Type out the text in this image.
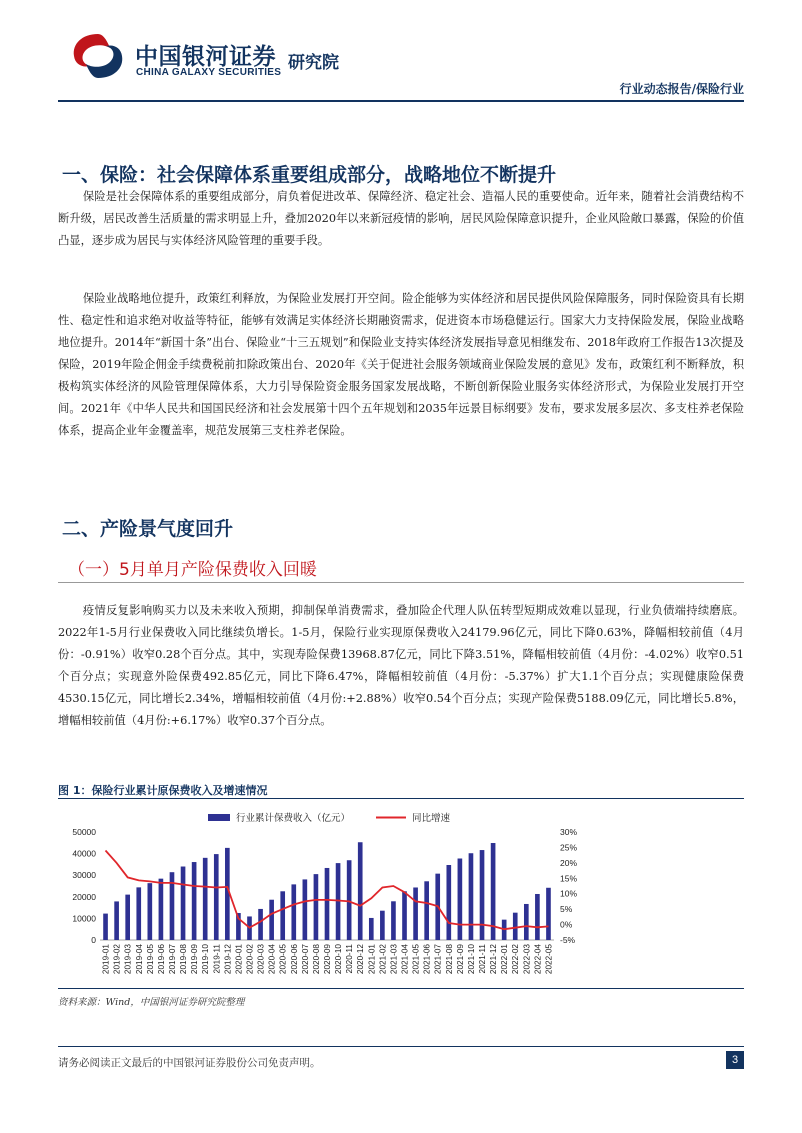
中国银河证券
CHINA GALAXY SECURITIES 研究院
行业动态报告/保险行业
一、保险：社会保障体系重要组成部分，战略地位不断提升
保险是社会保障体系的重要组成部分，肩负着促进改革、保障经济、稳定社会、造福人民的重要使命。近年来，随着社会消费结构不断升级，居民改善生活质量的需求明显上升，叠加2020年以来新冠疫情的影响，居民风险保障意识提升，企业风险敞口暴露，保险的价值凸显，逐步成为居民与实体经济风险管理的重要手段。
保险业战略地位提升，政策红利释放，为保险业发展打开空间。险企能够为实体经济和居民提供风险保障服务，同时保险资具有长期性、稳定性和追求绝对收益等特征，能够有效满足实体经济长期融资需求，促进资本市场稳健运行。国家大力支持保险发展，保险业战略地位提升。2014年“新国十条”出台、保险业“十三五规划”和保险业支持实体经济发展指导意见相继发布、2018年政府工作报告13次提及保险，2019年险企佣金手续费税前扣除政策出台、2020年《关于促进社会服务领域商业保险发展的意见》发布，政策红利不断释放，积极构筑实体经济的风险管理保障体系，大力引导保险资金服务国家发展战略，不断创新保险业服务实体经济形式，为保险业发展打开空间。2021年《中华人民共和国国民经济和社会发展第十四个五年规划和2035年远景目标纲要》发布，要求发展多层次、多支柱养老保险体系，提高企业年金覆盖率，规范发展第三支柱养老保险。
二、产险景气度回升
（一）5月单月产险保费收入回暖
疫情反复影响购买力以及未来收入预期，抑制保单消费需求，叠加险企代理人队伍转型短期成效难以显现，行业负债端持续磨底。2022年1-5月行业保费收入同比继续负增长。1-5月，保险行业实现原保费收入24179.96亿元，同比下降0.63%，降幅相较前值（4月份：-0.91%）收窄0.28个百分点。其中，实现寿险保费13968.87亿元，同比下降3.51%，降幅相较前值（4月份：-4.02%）收窄0.51个百分点；实现意外险保费492.85亿元，同比下降6.47%，降幅相较前值（4月份：-5.37%）扩大1.1个百分点；实现健康险保费4530.15亿元，同比增长2.34%，增幅相较前值（4月份:+2.88%）收窄0.54个百分点；实现产险保费5188.09亿元，同比增长5.8%，增幅相较前值（4月份:+6.17%）收窄0.37个百分点。
图 1：保险行业累计原保费收入及增速情况
行业累计保费收入（亿元）	同比增速
0
10000
20000
30000
40000
50000
-5%
0%
5%
10%
15%
20%
25%
30%
2019-01 2019-02 2019-03 2019-04 2019-05 2019-06 2019-07 2019-08 2019-09 2019-10 2019-11 2019-12 2020-01 2020-02 2020-03 2020-04 2020-05 2020-06 2020-07 2020-08 2020-09 2020-10 2020-11 2020-12 2021-01 2021-02 2021-03 2021-04 2021-05 2021-06 2021-07 2021-08 2021-09 2021-10 2021-11 2021-12 2022-01 2022-02 2022-03 2022-04 2022-05
资料来源：Wind，中国银河证券研究院整理
请务必阅读正文最后的中国银河证券股份公司免责声明。	3
